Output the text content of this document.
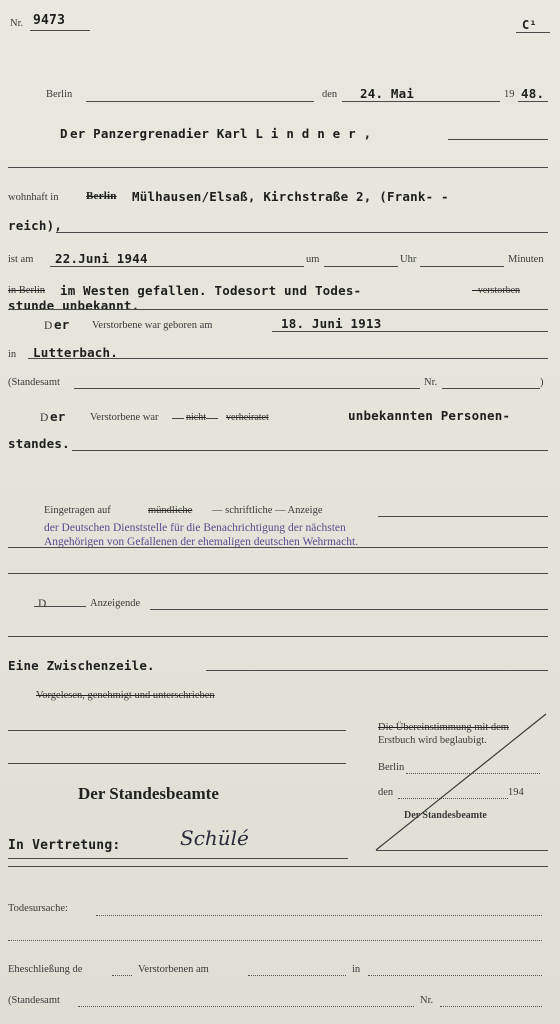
Nr. 9473	C¹
Berlin	den 24. Mai	19 48.
D er Panzergrenadier Karl L i n d n e r ,
wohnhaft in	Berlin Mülhausen/Elsaß, Kirchstraße 2, (Frank- -
reich),
ist am 22.Juni 1944	um	Uhr	Minuten
in Berlin im Westen gefallen. Todesort und Todes-	- verstorben
stunde unbekannt.
D er Verstorbene war geboren am	18. Juni 1913
in Lutterbach.
(Standesamt	Nr.	)
D er Verstorbene war	nicht verheiratet	unbekannten Personen-
standes.
Eingetragen auf	mündliche — schriftliche — Anzeige
der Deutschen Dienststelle für die Benachrichtigung der nächsten
Angehörigen von Gefallenen der ehemaligen deutschen Wehrmacht.
D	Anzeigende
Eine Zwischenzeile.
Vorgelesen, genehmigt und unterschrieben
Die Übereinstimmung mit dem
Erstbuch wird beglaubigt.
Berlin
den	194
Der Standesbeamte
Der Standesbeamte
In Vertretung:	Schülé
Todesursache:
Eheschließung de	Verstorbenen am	in
(Standesamt	Nr.
